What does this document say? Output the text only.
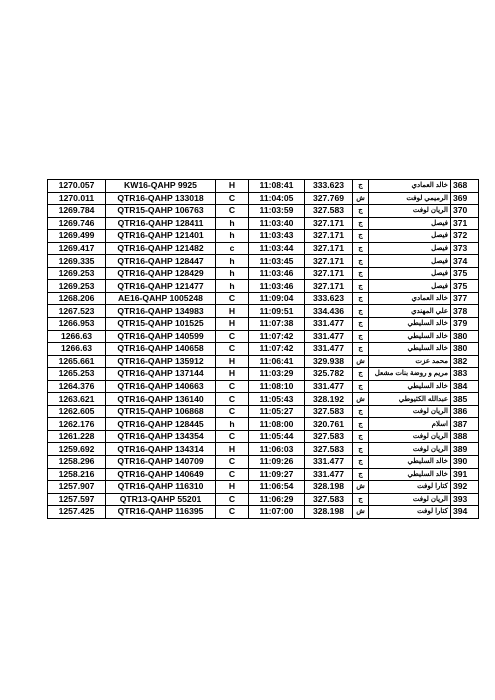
1270.057	KW16-QAHP 9925	H	11:08:41	333.623	ج	خالد العمادي	368
1270.011	QTR16-QAHP 133018	C	11:04:05	327.769	ش	الرميمي لوفت	369
1269.784	QTR15-QAHP 106763	C	11:03:59	327.583	ج	الريان لوفت	370
1269.746	QTR16-QAHP 128411	h	11:03:40	327.171	ج	فيصل	371
1269.499	QTR16-QAHP 121401	h	11:03:43	327.171	ج	فيصل	372
1269.417	QTR16-QAHP 121482	c	11:03:44	327.171	ج	فيصل	373
1269.335	QTR16-QAHP 128447	h	11:03:45	327.171	ج	فيصل	374
1269.253	QTR16-QAHP 128429	h	11:03:46	327.171	ج	فيصل	375
1269.253	QTR16-QAHP 121477	h	11:03:46	327.171	ج	فيصل	375
1268.206	AE16-QAHP 1005248	C	11:09:04	333.623	ج	خالد العمادي	377
1267.523	QTR16-QAHP 134983	H	11:09:51	334.436	ج	علي المهندي	378
1266.953	QTR15-QAHP 101525	H	11:07:38	331.477	ج	خالد السليطي	379
1266.63	QTR16-QAHP 140599	C	11:07:42	331.477	ج	خالد السليطي	380
1266.63	QTR16-QAHP 140658	C	11:07:42	331.477	ج	خالد السليطي	380
1265.661	QTR16-QAHP 135912	H	11:06:41	329.938	ش	محمد عزت	382
1265.253	QTR16-QAHP 137144	H	11:03:29	325.782	ج	مريم و روضة بنات مشعل	383
1264.376	QTR16-QAHP 140663	C	11:08:10	331.477	ج	خالد السليطي	384
1263.621	QTR16-QAHP 136140	C	11:05:43	328.192	ش	عبدالله الكثيوطي	385
1262.605	QTR15-QAHP 106868	C	11:05:27	327.583	ج	الريان لوفت	386
1262.176	QTR16-QAHP 128445	h	11:08:00	320.761	ج	اسلام	387
1261.228	QTR16-QAHP 134354	C	11:05:44	327.583	ج	الريان لوفت	388
1259.692	QTR16-QAHP 134314	H	11:06:03	327.583	ج	الريان لوفت	389
1258.296	QTR16-QAHP 140709	C	11:09:26	331.477	ج	خالد السليطي	390
1258.216	QTR16-QAHP 140649	C	11:09:27	331.477	ج	خالد السليطي	391
1257.907	QTR16-QAHP 116310	H	11:06:54	328.198	ش	كتارا لوفت	392
1257.597	QTR13-QAHP 55201	C	11:06:29	327.583	ج	الريان لوفت	393
1257.425	QTR16-QAHP 116395	C	11:07:00	328.198	ش	كتارا لوفت	394
